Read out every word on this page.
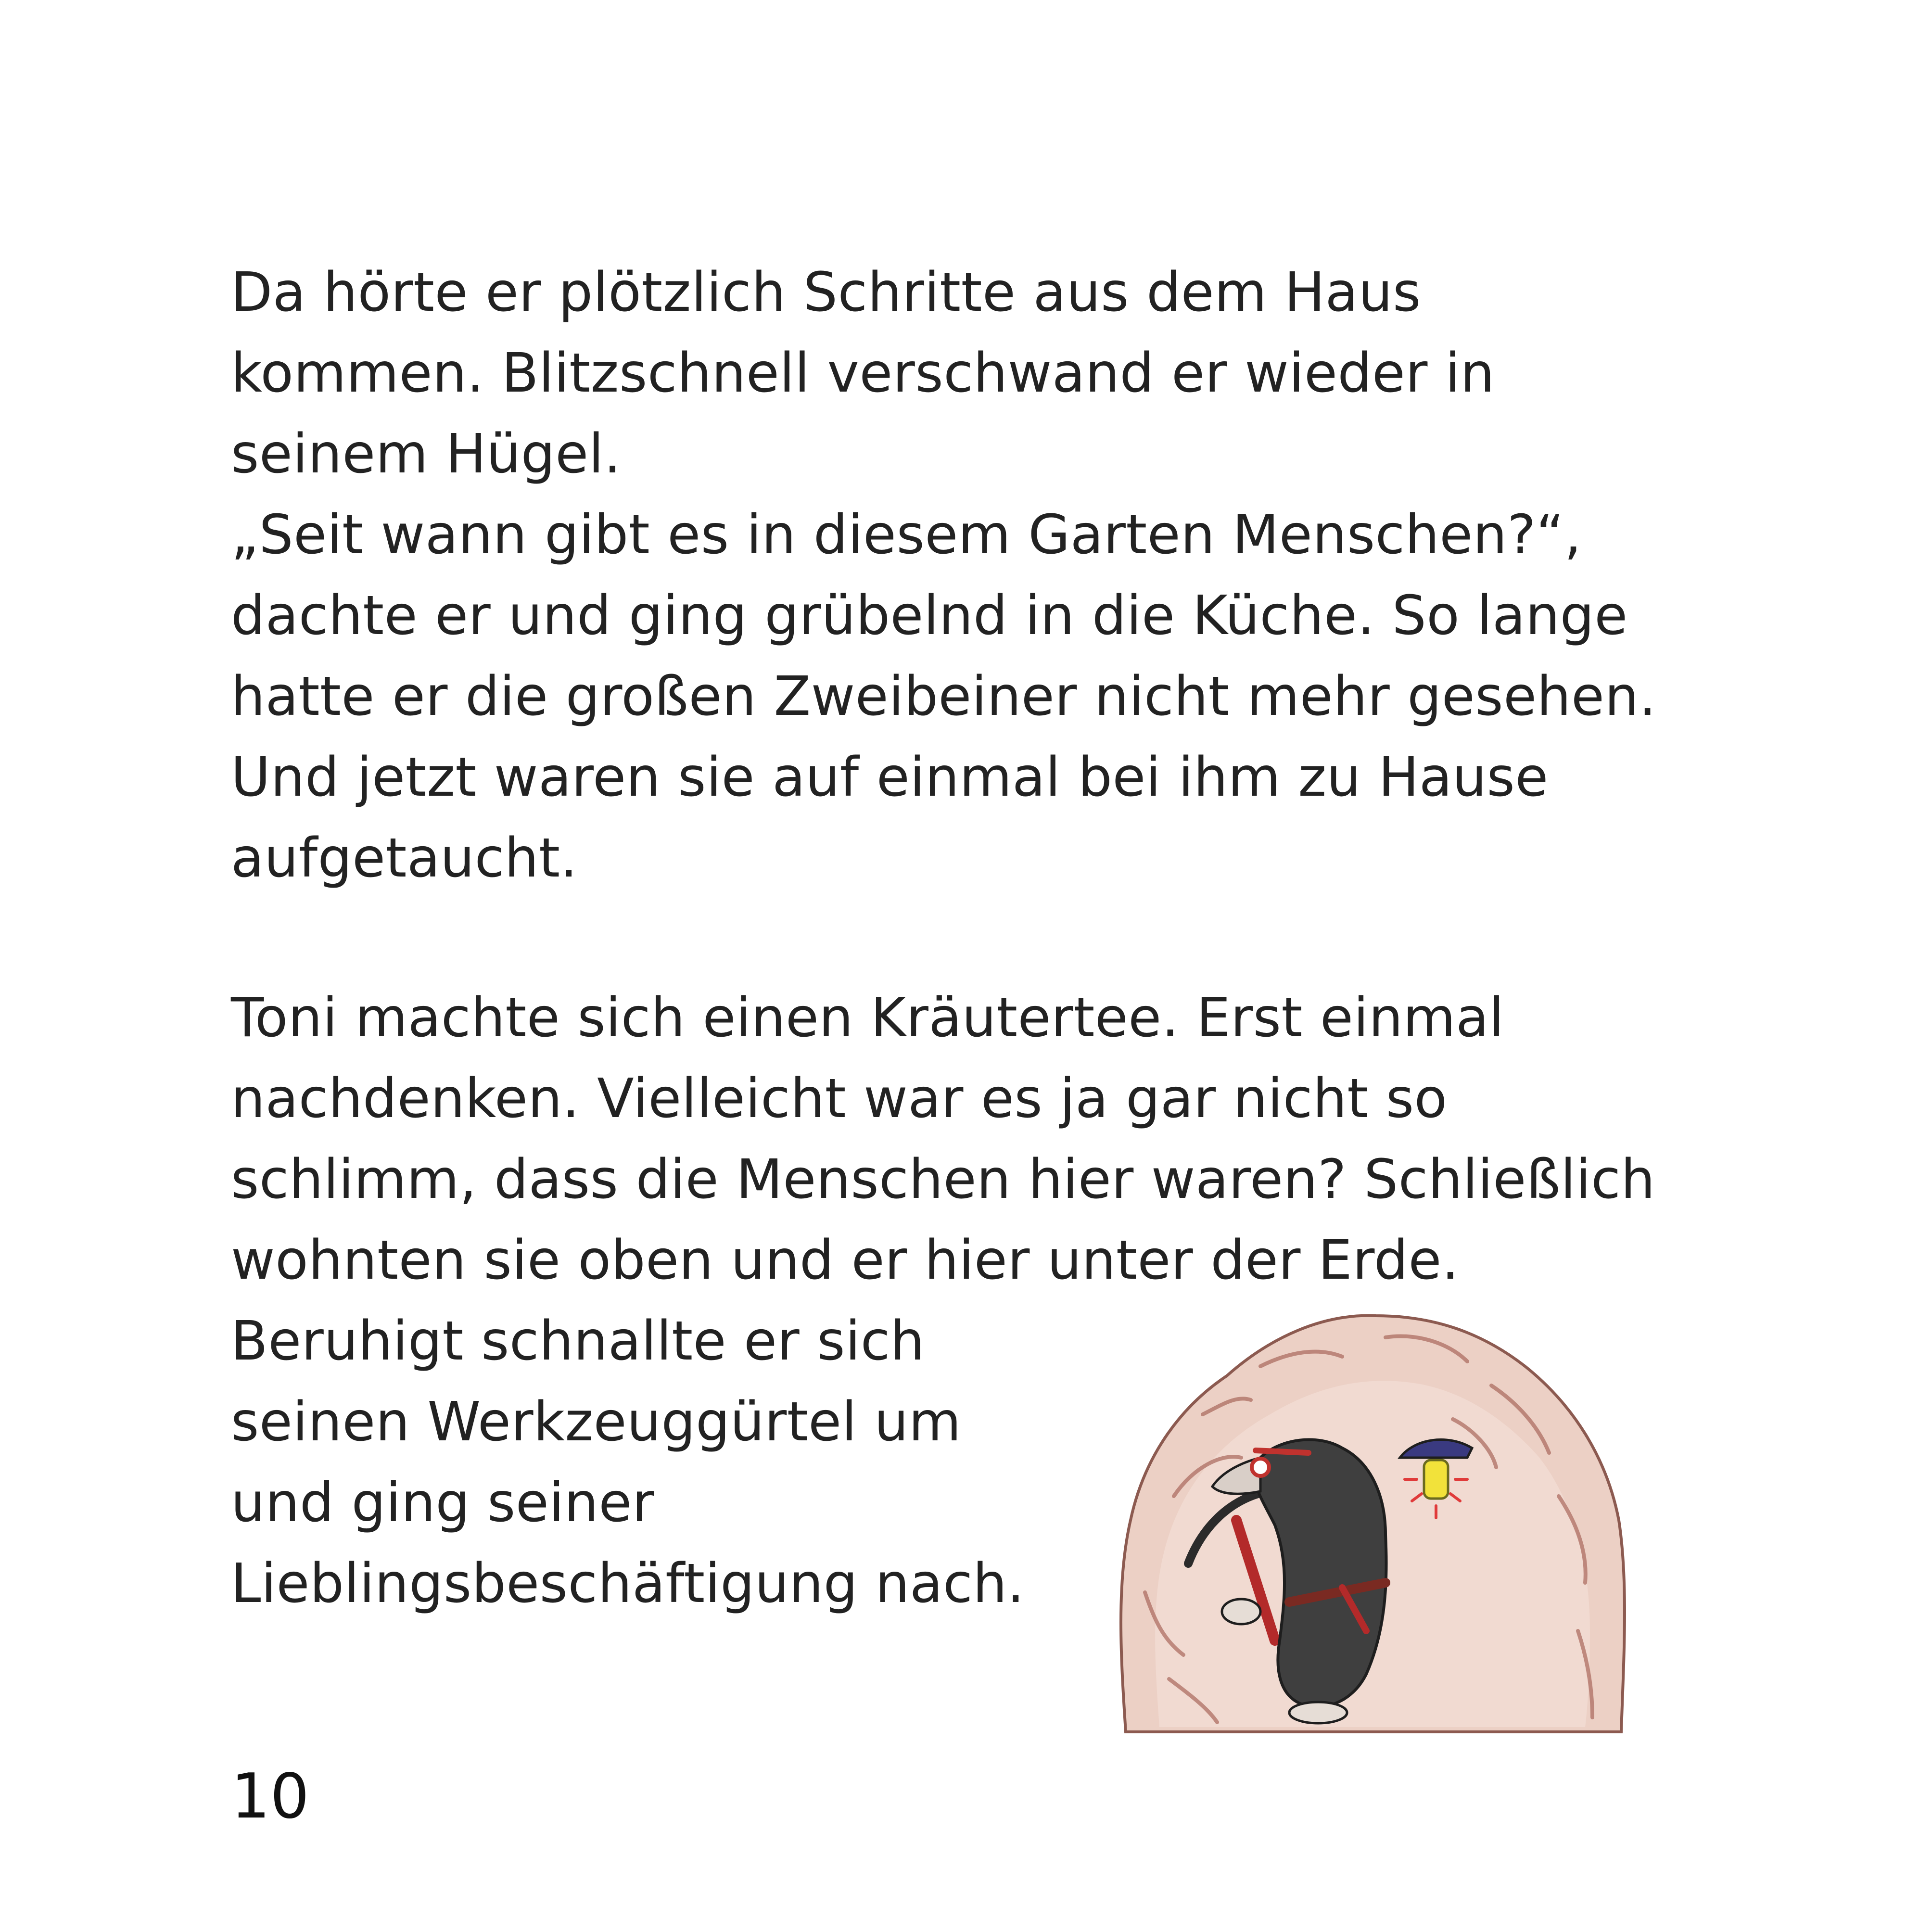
Da hörte er plötzlich Schritte aus dem Haus
kommen. Blitzschnell verschwand er wieder in
seinem Hügel.
„Seit wann gibt es in diesem Garten Menschen?“,
dachte er und ging grübelnd in die Küche. So lange
hatte er die großen Zweibeiner nicht mehr gesehen.
Und jetzt waren sie auf einmal bei ihm zu Hause
aufgetaucht.
Toni machte sich einen Kräutertee. Erst einmal
nachdenken. Vielleicht war es ja gar nicht so
schlimm, dass die Menschen hier waren? Schließlich
wohnten sie oben und er hier unter der Erde.
Beruhigt schnallte er sich
seinen Werkzeuggürtel um
und ging seiner
Lieblingsbeschäftigung nach.
10
